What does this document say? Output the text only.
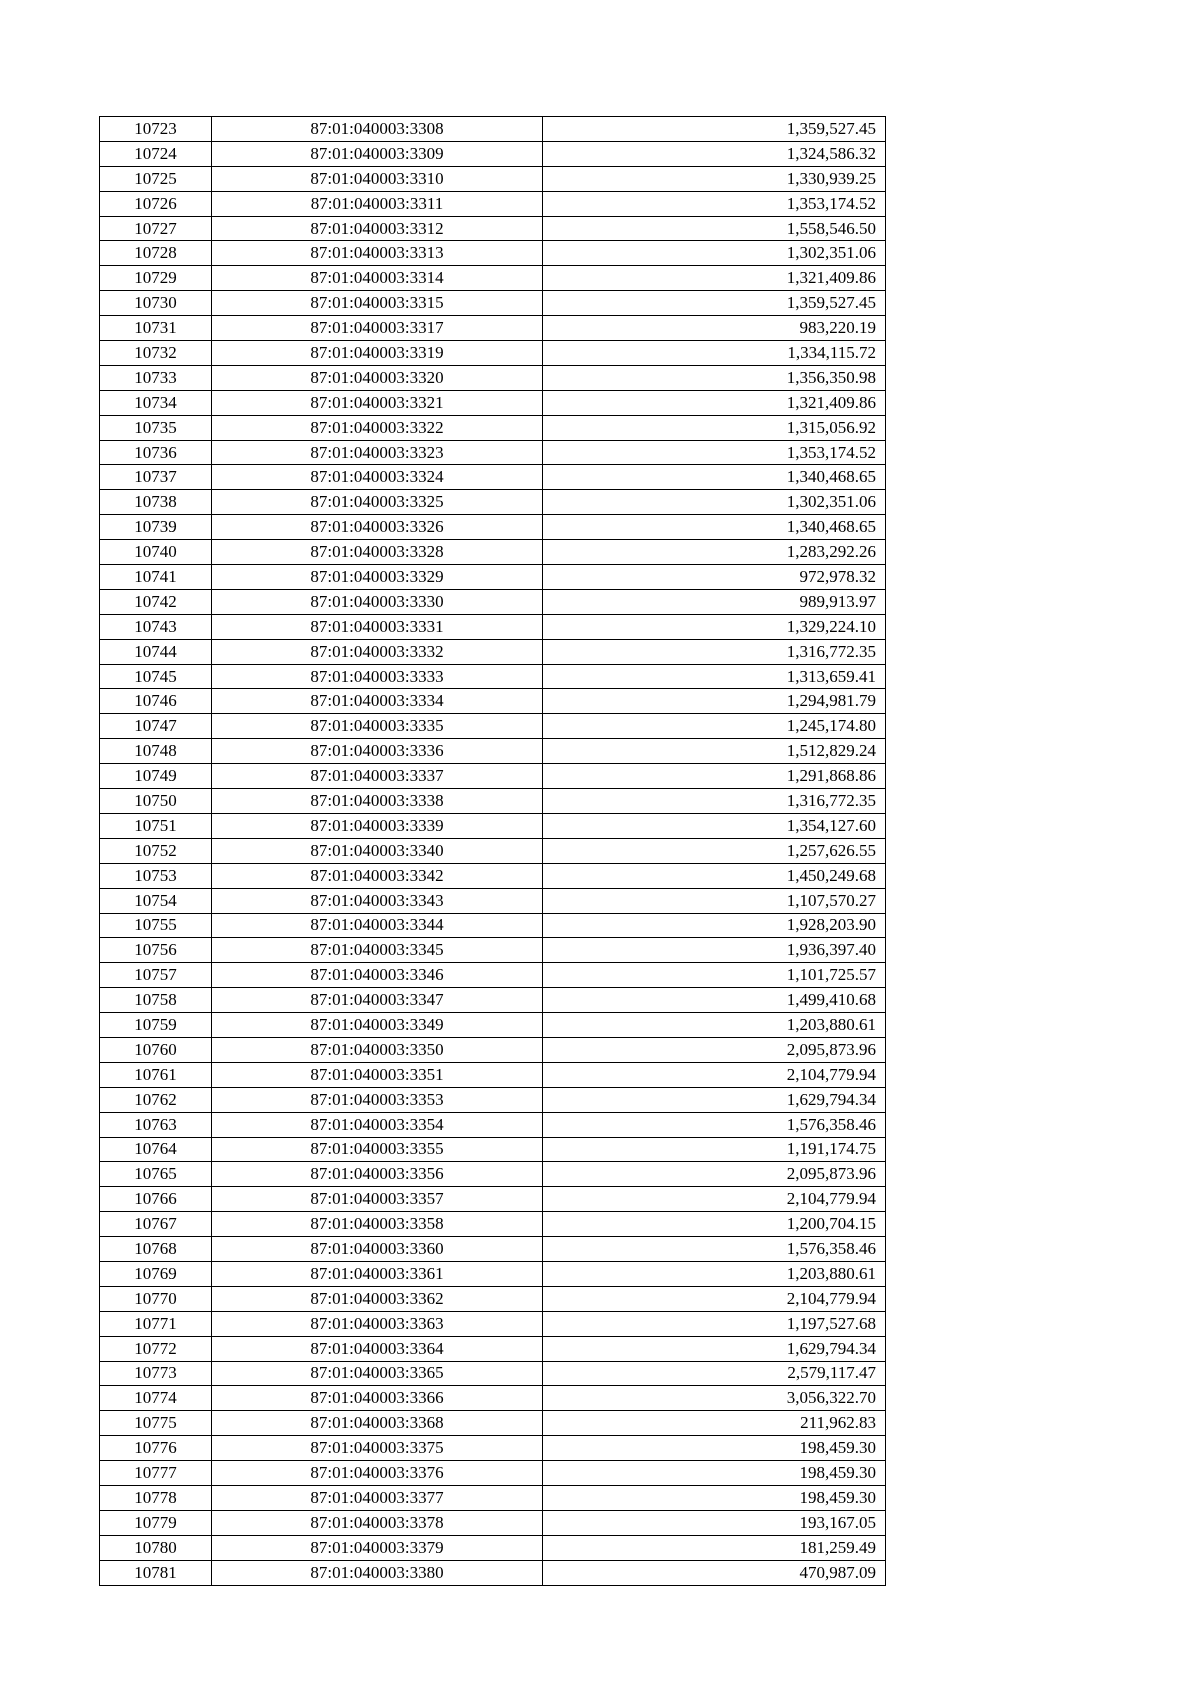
10723	87:01:040003:3308	1,359,527.45
10724	87:01:040003:3309	1,324,586.32
10725	87:01:040003:3310	1,330,939.25
10726	87:01:040003:3311	1,353,174.52
10727	87:01:040003:3312	1,558,546.50
10728	87:01:040003:3313	1,302,351.06
10729	87:01:040003:3314	1,321,409.86
10730	87:01:040003:3315	1,359,527.45
10731	87:01:040003:3317	983,220.19
10732	87:01:040003:3319	1,334,115.72
10733	87:01:040003:3320	1,356,350.98
10734	87:01:040003:3321	1,321,409.86
10735	87:01:040003:3322	1,315,056.92
10736	87:01:040003:3323	1,353,174.52
10737	87:01:040003:3324	1,340,468.65
10738	87:01:040003:3325	1,302,351.06
10739	87:01:040003:3326	1,340,468.65
10740	87:01:040003:3328	1,283,292.26
10741	87:01:040003:3329	972,978.32
10742	87:01:040003:3330	989,913.97
10743	87:01:040003:3331	1,329,224.10
10744	87:01:040003:3332	1,316,772.35
10745	87:01:040003:3333	1,313,659.41
10746	87:01:040003:3334	1,294,981.79
10747	87:01:040003:3335	1,245,174.80
10748	87:01:040003:3336	1,512,829.24
10749	87:01:040003:3337	1,291,868.86
10750	87:01:040003:3338	1,316,772.35
10751	87:01:040003:3339	1,354,127.60
10752	87:01:040003:3340	1,257,626.55
10753	87:01:040003:3342	1,450,249.68
10754	87:01:040003:3343	1,107,570.27
10755	87:01:040003:3344	1,928,203.90
10756	87:01:040003:3345	1,936,397.40
10757	87:01:040003:3346	1,101,725.57
10758	87:01:040003:3347	1,499,410.68
10759	87:01:040003:3349	1,203,880.61
10760	87:01:040003:3350	2,095,873.96
10761	87:01:040003:3351	2,104,779.94
10762	87:01:040003:3353	1,629,794.34
10763	87:01:040003:3354	1,576,358.46
10764	87:01:040003:3355	1,191,174.75
10765	87:01:040003:3356	2,095,873.96
10766	87:01:040003:3357	2,104,779.94
10767	87:01:040003:3358	1,200,704.15
10768	87:01:040003:3360	1,576,358.46
10769	87:01:040003:3361	1,203,880.61
10770	87:01:040003:3362	2,104,779.94
10771	87:01:040003:3363	1,197,527.68
10772	87:01:040003:3364	1,629,794.34
10773	87:01:040003:3365	2,579,117.47
10774	87:01:040003:3366	3,056,322.70
10775	87:01:040003:3368	211,962.83
10776	87:01:040003:3375	198,459.30
10777	87:01:040003:3376	198,459.30
10778	87:01:040003:3377	198,459.30
10779	87:01:040003:3378	193,167.05
10780	87:01:040003:3379	181,259.49
10781	87:01:040003:3380	470,987.09
